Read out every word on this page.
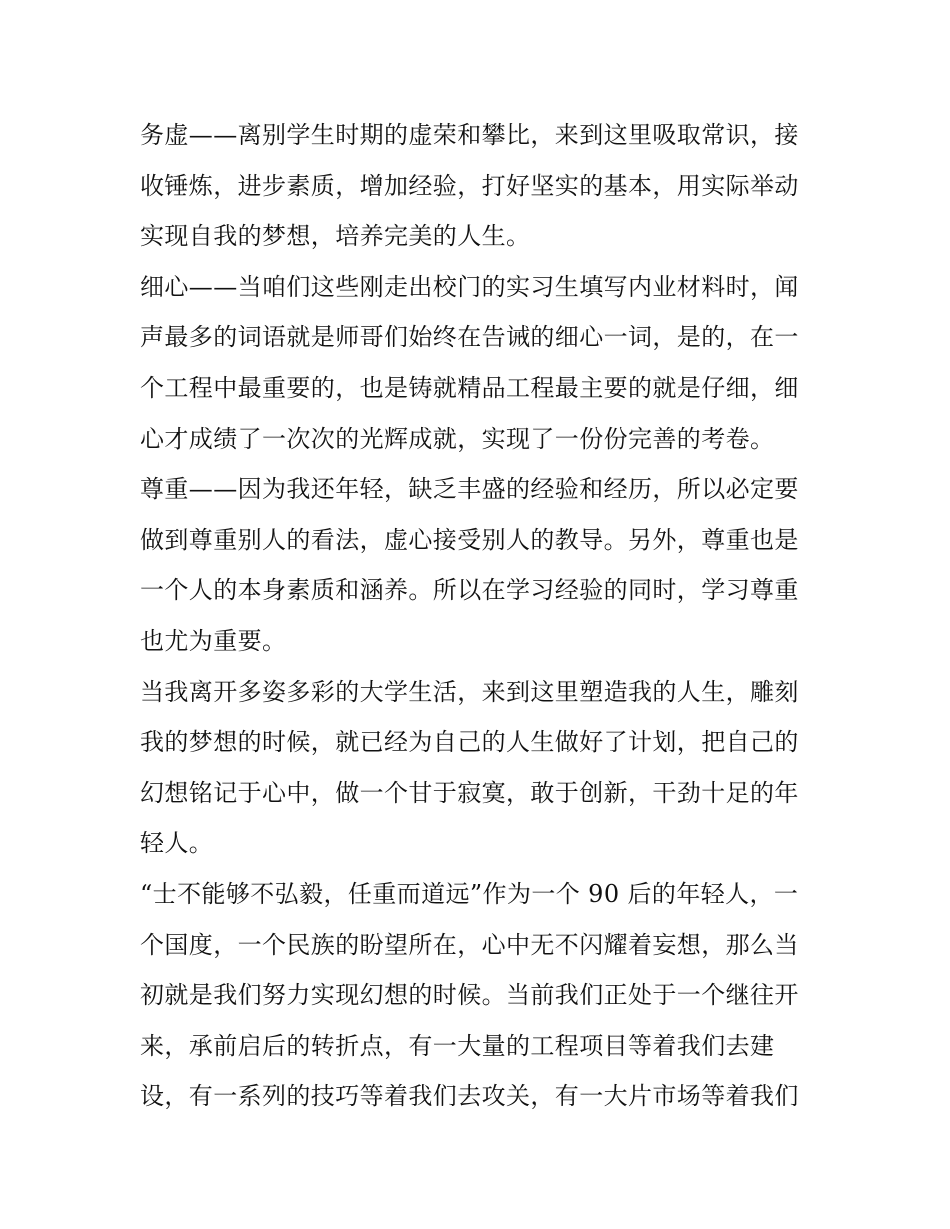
务虚——离别学生时期的虚荣和攀比，来到这里吸取常识，接
收锤炼，进步素质，增加经验，打好坚实的基本，用实际举动
实现自我的梦想，培养完美的人生。
细心——当咱们这些刚走出校门的实习生填写内业材料时，闻
声最多的词语就是师哥们始终在告诫的细心一词，是的，在一
个工程中最重要的，也是铸就精品工程最主要的就是仔细，细
心才成绩了一次次的光辉成就，实现了一份份完善的考卷。
尊重——因为我还年轻，缺乏丰盛的经验和经历，所以必定要
做到尊重别人的看法，虚心接受别人的教导。另外，尊重也是
一个人的本身素质和涵养。所以在学习经验的同时，学习尊重
也尤为重要。
当我离开多姿多彩的大学生活，来到这里塑造我的人生，雕刻
我的梦想的时候，就已经为自己的人生做好了计划，把自己的
幻想铭记于心中，做一个甘于寂寞，敢于创新，干劲十足的年
轻人。
“士不能够不弘毅，任重而道远”作为一个 90 后的年轻人，一
个国度，一个民族的盼望所在，心中无不闪耀着妄想，那么当
初就是我们努力实现幻想的时候。当前我们正处于一个继往开
来，承前启后的转折点，有一大量的工程项目等着我们去建
设，有一系列的技巧等着我们去攻关，有一大片市场等着我们
